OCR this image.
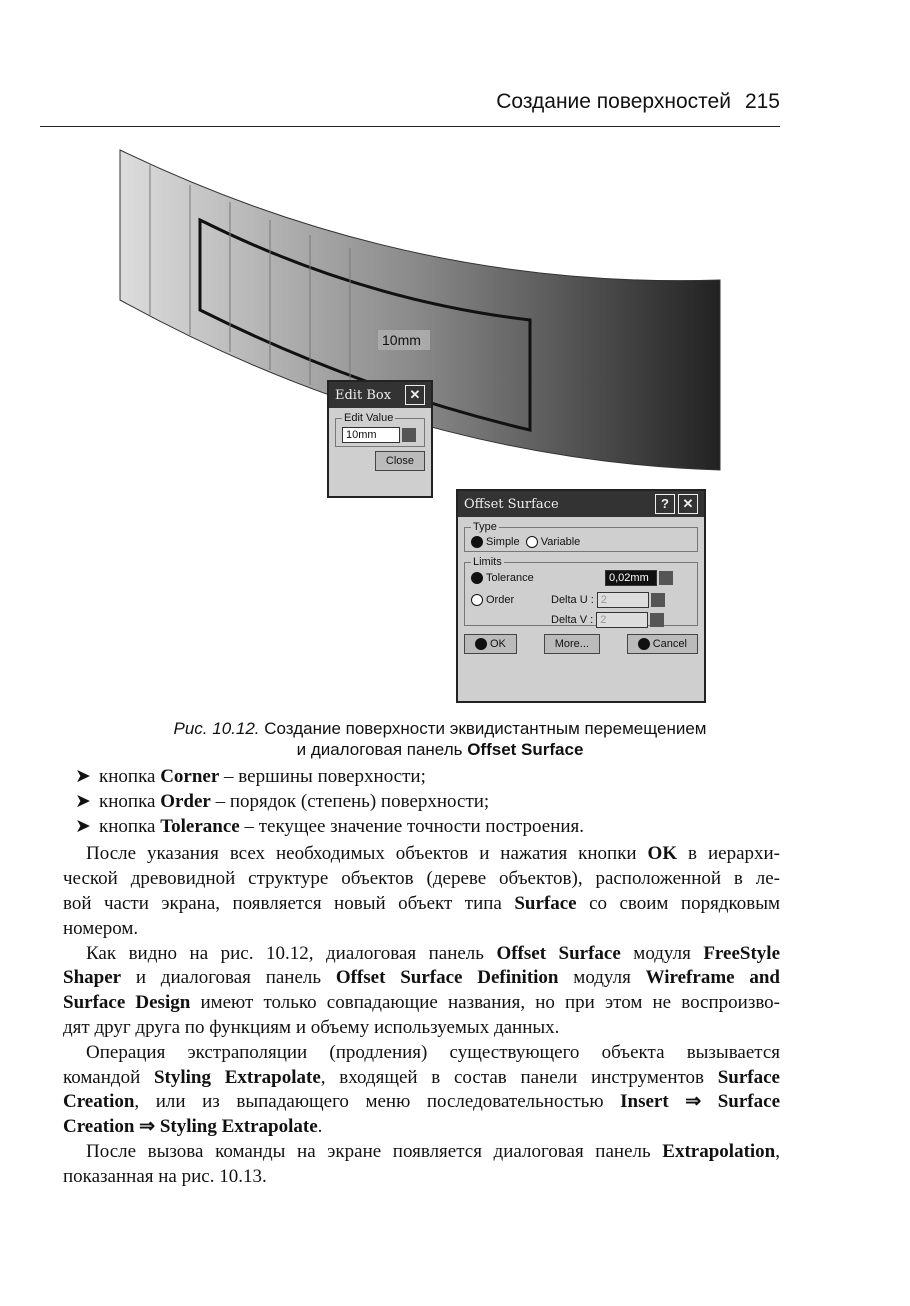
Создание поверхностей 215
10mm
Edit Box	✕
Edit Value
10mm
Close
Offset Surface	? ✕
Type
Simple Variable
Limits
Tolerance
Order
0,02mm
Delta U : 2
Delta V : 2
OK	More...	Cancel
Рис. 10.12. Создание поверхности эквидистантным перемещением
и диалоговая панель Offset Surface
➤ кнопка Corner – вершины поверхности;
➤ кнопка Order – порядок (степень) поверхности;
➤ кнопка Tolerance – текущее значение точности построения.
После указания всех необходимых объектов и нажатия кнопки OK в иерархи-
ческой древовидной структуре объектов (дереве объектов), расположенной в ле-
вой части экрана, появляется новый объект типа Surface со своим порядковым
номером.
Как видно на рис. 10.12, диалоговая панель Offset Surface модуля FreeStyle
Shaper и диалоговая панель Offset Surface Definition модуля Wireframe and
Surface Design имеют только совпадающие названия, но при этом не воспроизво-
дят друг друга по функциям и объему используемых данных.
Операция экстраполяции (продления) существующего объекта вызывается
командой Styling Extrapolate, входящей в состав панели инструментов Surface
Creation, или из выпадающего меню последовательностью Insert ⇒ Surface
Creation ⇒ Styling Extrapolate.
После вызова команды на экране появляется диалоговая панель Extrapolation,
показанная на рис. 10.13.
